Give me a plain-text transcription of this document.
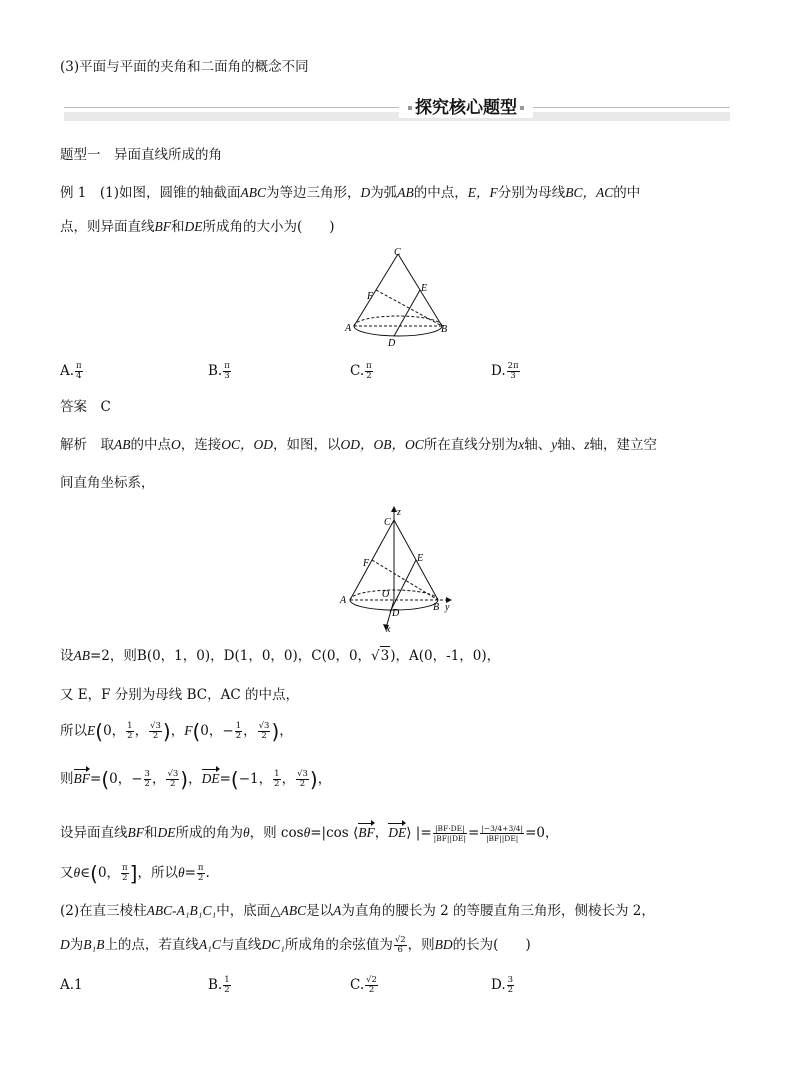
(3)平面与平面的夹角和二面角的概念不同
探究核心题型
题型一　异面直线所成的角
例 1　(1)如图，圆锥的轴截面ABC为等边三角形，D为弧AB的中点，E，F分别为母线BC，AC的中
点，则异面直线BF和DE所成角的大小为(　　)
C
E
F
A	B
D
A. $\frac{\pi}{4}$	B. $\frac{\pi}{3}$	C. $\frac{\pi}{2}$	D. $\frac{2\pi}{3}$
答案　C
解析　取AB的中点O，连接OC，OD，如图，以OD，OB，OC所在直线分别为x轴、y轴、z轴，建立空
间直角坐标系，
C
z
F	E
A
O
B y
D
x
设AB=2，则B(0，1，0)，D(1，0，0)，C(0，0，√3)，A(0，-1，0)，
又 E，F 分别为母线 BC，AC 的中点，
所以E(0， $\frac{1}{2}$ ， $\frac{√3}{2}$ )，F(0，− $\frac{1}{2}$ ， $\frac{√3}{2}$ )，
则BF=(0，− $\frac{3}{2}$ ， $\frac{√3}{2}$ )，DE=(−1， $\frac{1}{2}$ ， $\frac{√3}{2}$ )，
设异面直线BF和DE所成的角为θ，则 cosθ=|cos ⟨BF，DE⟩ |= $\frac{|BF\cdot DE|}{|BF||DE|} = \frac{|-3/4+3/4|}{|BF||DE|} =0$，
又θ∈(0， $\frac{\pi}{2}$ ]，所以$\theta= \frac{\pi}{2}$ .
(2)在直三棱柱ABC-A₁B₁C₁中，底面△ABC是以A为直角的腰长为 2 的等腰直角三角形，侧棱长为 2，
D为B₁B上的点，若直线A₁C与直线DC₁所成角的余弦值为 $\frac{√2}{6}$ ，则BD的长为(　　)
A.1	B. $\frac{1}{2}$	C. $\frac{√2}{2}$	D. $\frac{3}{2}$
